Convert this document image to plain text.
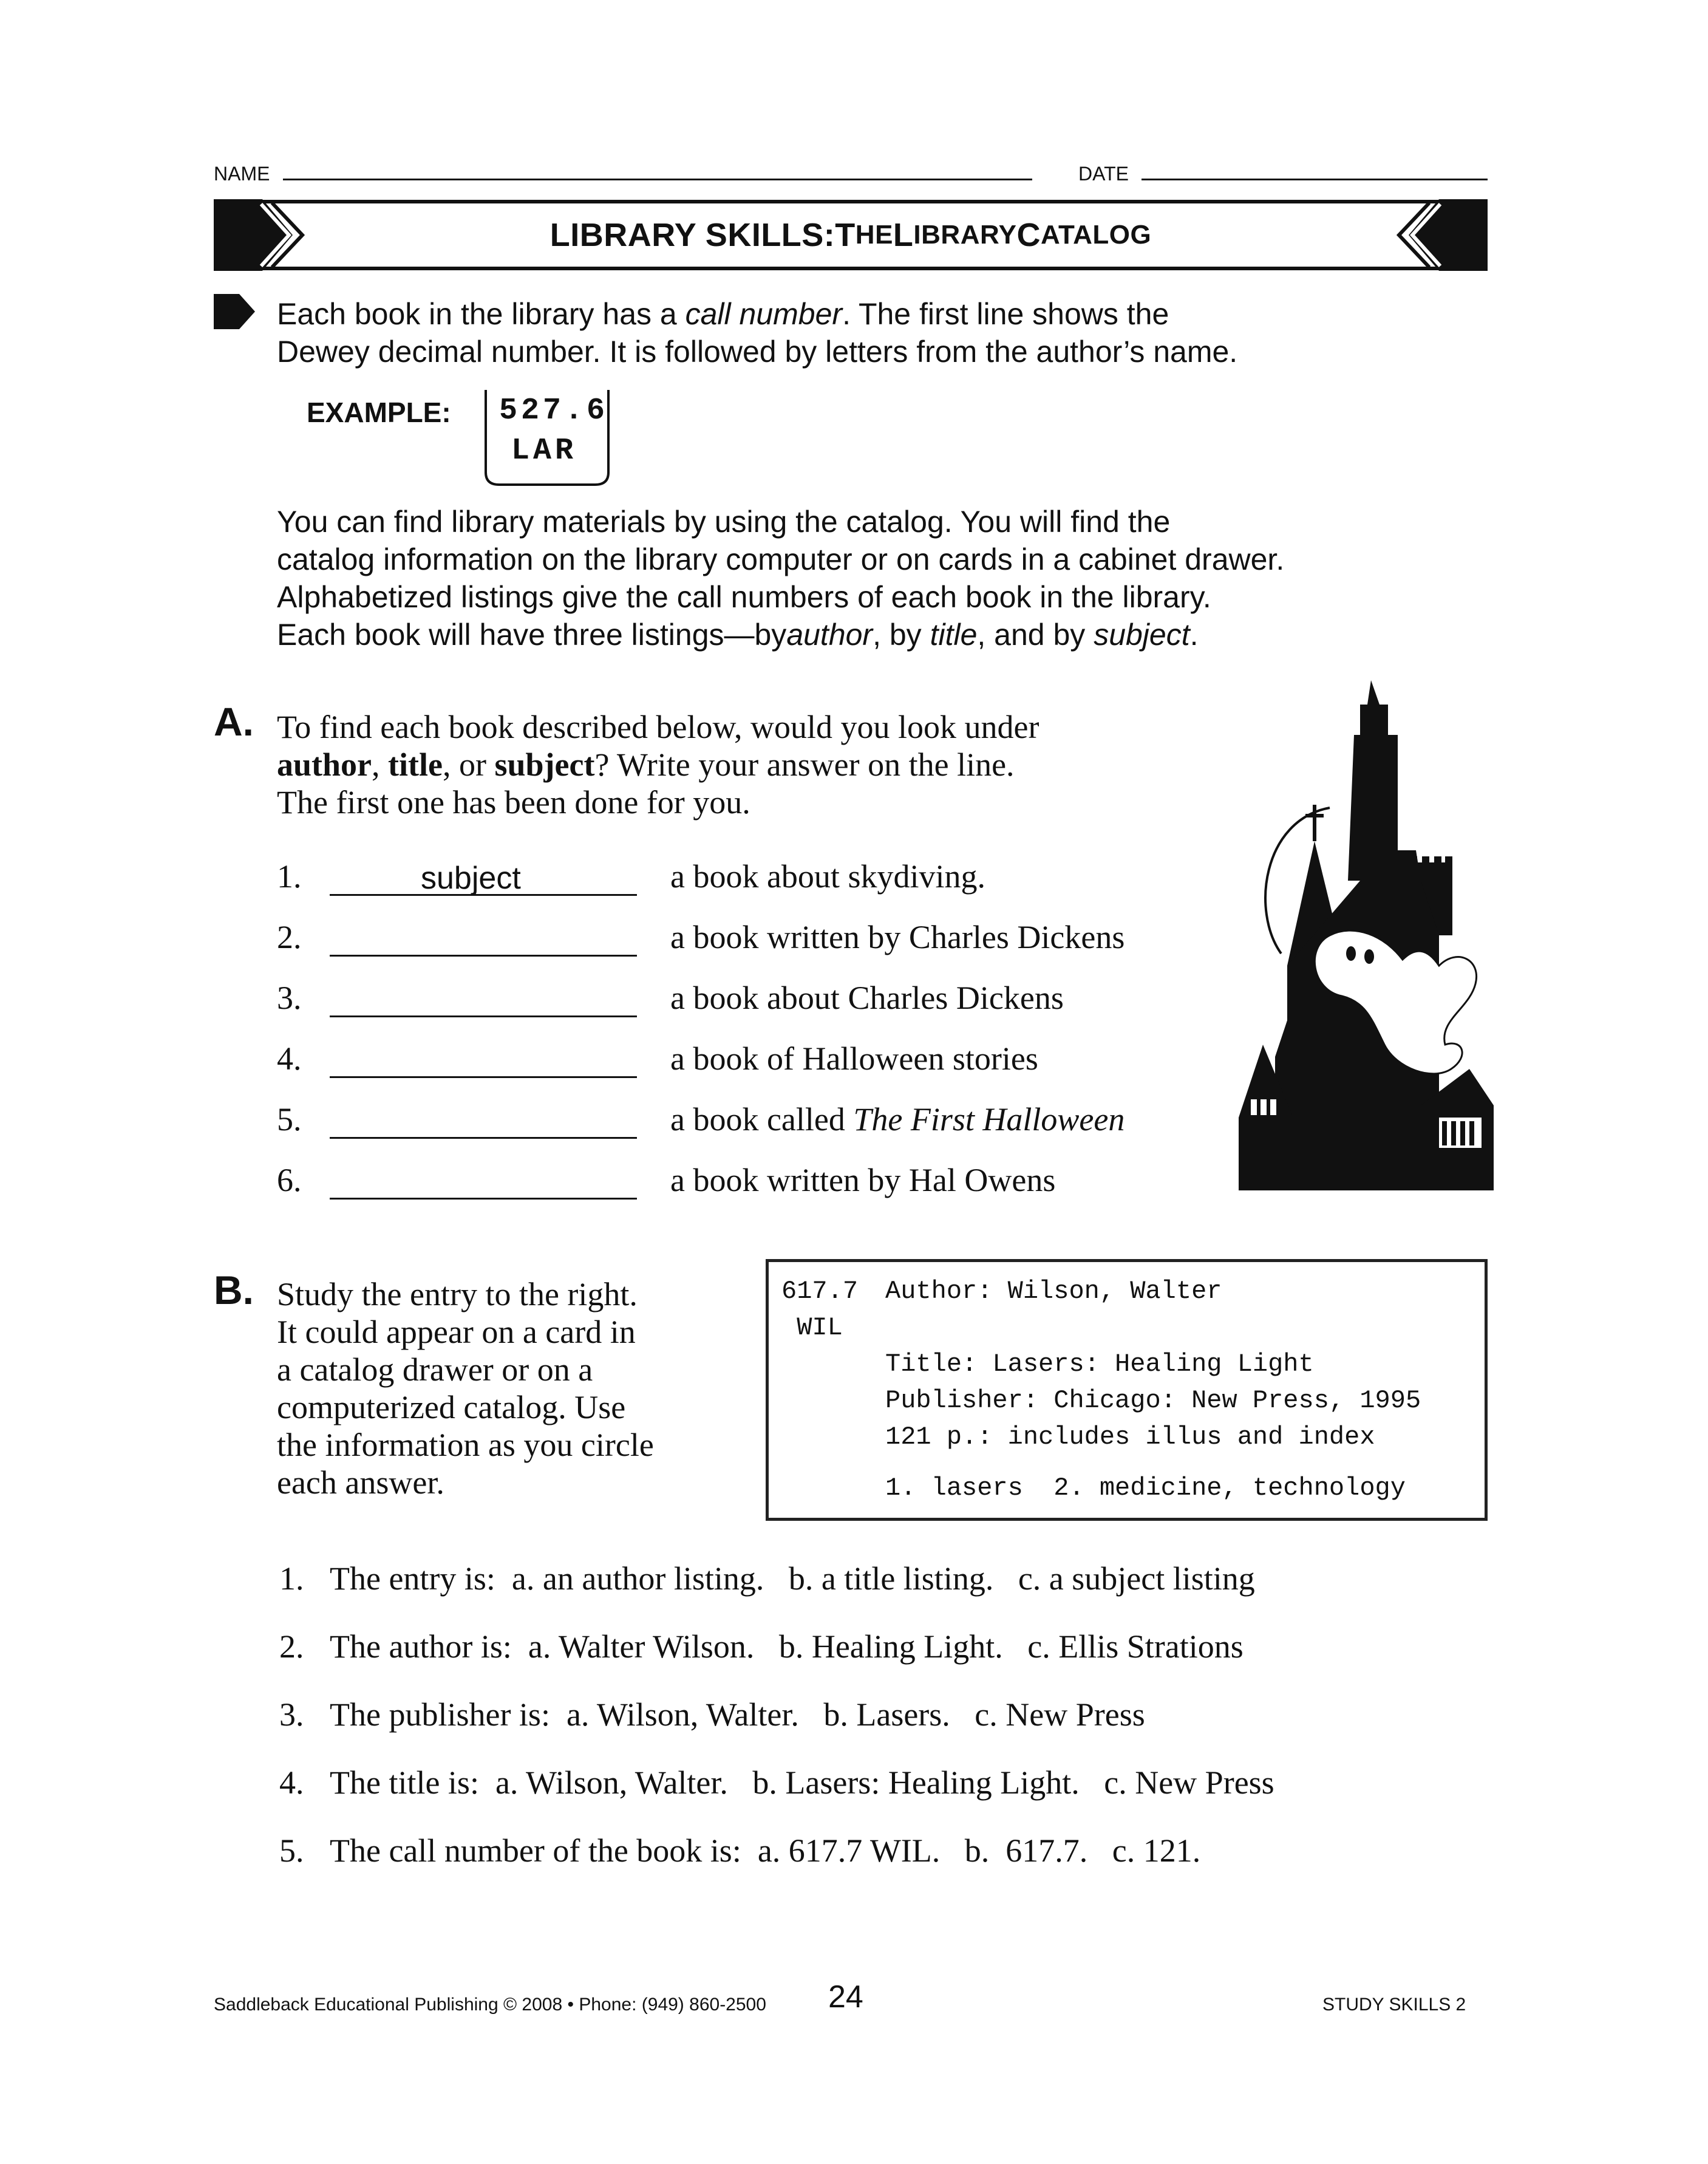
NAME	DATE
LIBRARY SKILLS: T HE L IBRARY C ATALOG
Each book in the library has a call number. The first line shows the
Dewey decimal number. It is followed by letters from the author’s name.
EXAMPLE: 527.6
LAR
You can find library materials by using the catalog. You will find the
catalog information on the library computer or on cards in a cabinet drawer.
Alphabetized listings give the call numbers of each book in the library.
Each book will have three listings—byauthor, by title, and by subject.
A. To find each book described below, would you look under
author, title, or subject? Write your answer on the line.
The first one has been done for you.
1.	subject	a book about skydiving.
2.	a book written by Charles Dickens
3.	a book about Charles Dickens
4.	a book of Halloween stories
5.	a book called The First Halloween
6.	a book written by Hal Owens
B. Study the entry to the right.
It could appear on a card in
a catalog drawer or on a
computerized catalog. Use
the information as you circle
each answer.
617.7
WIL
Author: Wilson, Walter
Title: Lasers: Healing Light
Publisher: Chicago: New Press, 1995
121 p.: includes illus and index
1. lasers  2. medicine, technology
1. The entry is:  a. an author listing.   b. a title listing.   c. a subject listing
2. The author is:  a. Walter Wilson.   b. Healing Light.   c. Ellis Strations
3. The publisher is:  a. Wilson, Walter.   b. Lasers.   c. New Press
4. The title is:  a. Wilson, Walter.   b. Lasers: Healing Light.   c. New Press
5. The call number of the book is:  a. 617.7 WIL.   b.  617.7.   c. 121.
Saddleback Educational Publishing © 2008 • Phone: (949) 860-2500 24	STUDY SKILLS 2
